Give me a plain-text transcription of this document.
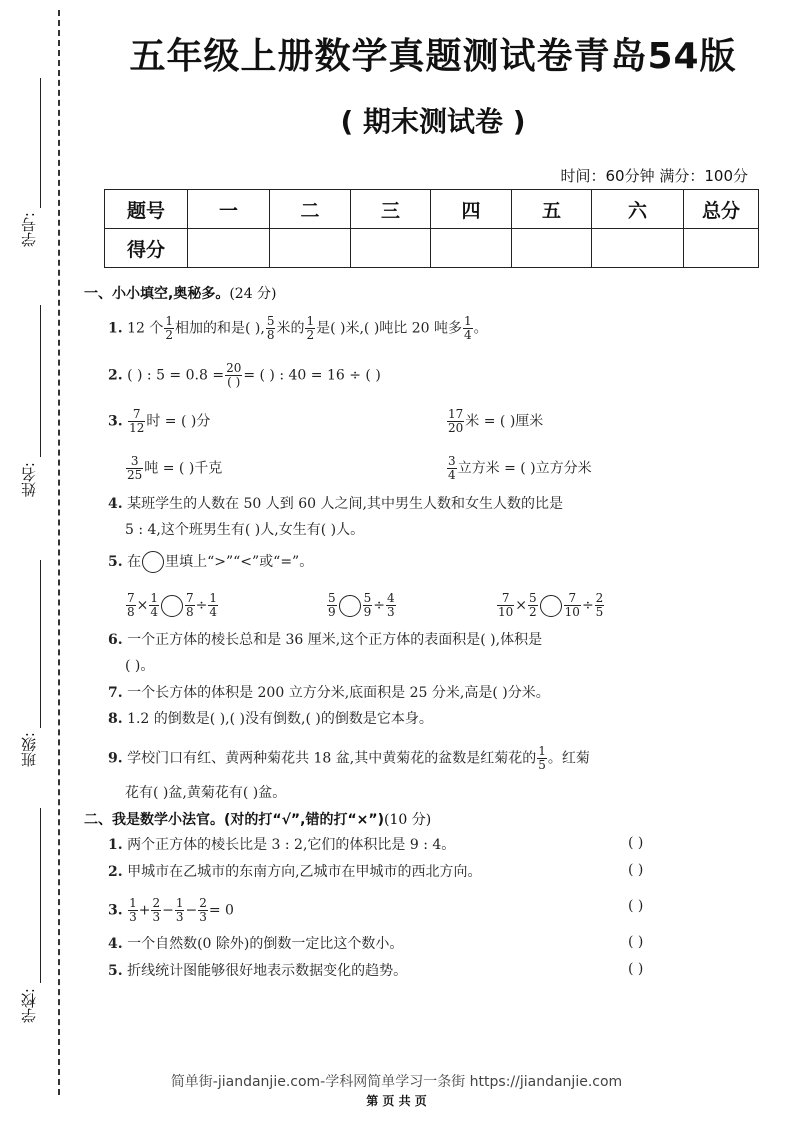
学号:
姓名:
班级:
学校:
五年级上册数学真题测试卷青岛54版
( 期末测试卷 )
时间：60分钟 满分：100分
题号	一	二	三	四	五	六	总分
得分							
一、小小填空,奥秘多。(24 分)
1. 12 个 $\frac{1}{2}$ 相加的和是( ), $\frac{5}{8}$ 米的 $\frac{1}{2}$ 是( )米,( )吨比 20 吨多 $\frac{1}{4}$ 。
2. ( ) : $5 = 0.8 = \frac{20}{( )}$ = ( ) : 40 = 16 ÷ ( )
3. $\frac{7}{12}$ 时 = ( )分	$\frac{17}{20}$ 米 = ( )厘米
$\frac{3}{25}$ 吨 = ( )千克	$\frac{3}{4}$ 立方米 = ( )立方分米
4. 某班学生的人数在 50 人到 60 人之间,其中男生人数和女生人数的比是
5 : 4,这个班男生有( )人,女生有( )人。
5. 在 里填上“>”“<”或“=”。
$\frac{7}{8} \times \frac{1}{4} \frac{7}{8} \div \frac{1}{4}$	$\frac{5}{9} \frac{5}{9} \div \frac{4}{3}$	$\frac{7}{10} \times \frac{5}{2} \frac{7}{10} \div \frac{2}{5}$
6. 一个正方体的棱长总和是 36 厘米,这个正方体的表面积是( ),体积是
( )。
7. 一个长方体的体积是 200 立方分米,底面积是 25 分米,高是( )分米。
8. 1.2 的倒数是( ),( )没有倒数,( )的倒数是它本身。
9. 学校门口有红、黄两种菊花共 18 盆,其中黄菊花的盆数是红菊花的 $\frac{1}{5}$ 。红菊
花有( )盆,黄菊花有( )盆。
二、我是数学小法官。(对的打“√”,错的打“×”)(10 分)
1. 两个正方体的棱长比是 3 : 2,它们的体积比是 9 : 4。	( )
2. 甲城市在乙城市的东南方向,乙城市在甲城市的西北方向。	( )
3. $\frac{1}{3} + \frac{2}{3} - \frac{1}{3} - \frac{2}{3} = 0$	( )
4. 一个自然数(0 除外)的倒数一定比这个数小。	( )
5. 折线统计图能够很好地表示数据变化的趋势。	( )
简单街-jiandanjie.com-学科网简单学习一条街 https://jiandanjie.com
第 页 共 页
